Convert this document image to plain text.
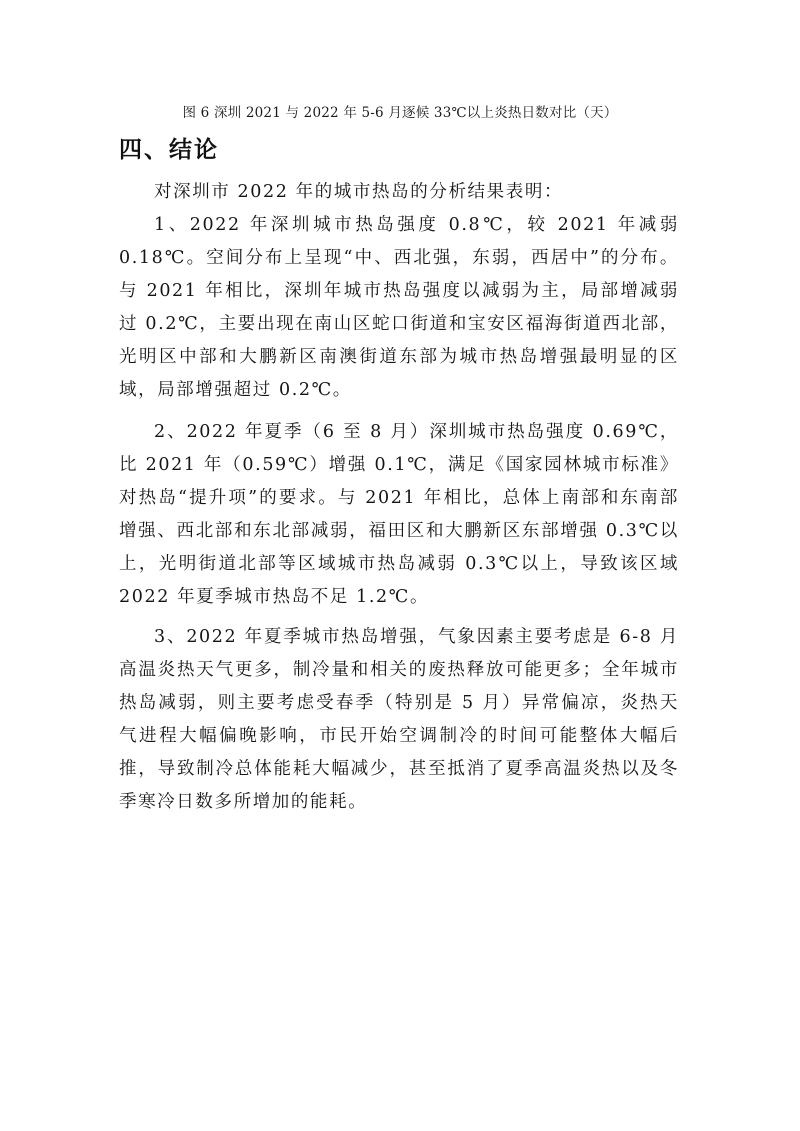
图 6 深圳 2021 与 2022 年 5-6 月逐候 33℃以上炎热日数对比（天）
四、结论

对深圳市 2022 年的城市热岛的分析结果表明：

1、2022 年深圳城市热岛强度 0.8℃，较 2021 年减弱 0.18℃。空间分布上呈现“中、西北强，东弱，西居中”的分布。与 2021 年相比，深圳年城市热岛强度以减弱为主，局部增减弱过 0.2℃，主要出现在南山区蛇口街道和宝安区福海街道西北部，光明区中部和大鹏新区南澳街道东部为城市热岛增强最明显的区域，局部增强超过 0.2℃。

2、2022 年夏季（6 至 8 月）深圳城市热岛强度 0.69℃，比 2021 年（0.59℃）增强 0.1℃，满足《国家园林城市标准》对热岛“提升项”的要求。与 2021 年相比，总体上南部和东南部增强、西北部和东北部减弱，福田区和大鹏新区东部增强 0.3℃以上，光明街道北部等区域城市热岛减弱 0.3℃以上，导致该区域 2022 年夏季城市热岛不足 1.2℃。

3、2022 年夏季城市热岛增强，气象因素主要考虑是 6-8 月高温炎热天气更多，制冷量和相关的废热释放可能更多；全年城市热岛减弱，则主要考虑受春季（特别是 5 月）异常偏凉，炎热天气进程大幅偏晚影响，市民开始空调制冷的时间可能整体大幅后推，导致制冷总体能耗大幅减少，甚至抵消了夏季高温炎热以及冬季寒冷日数多所增加的能耗。
